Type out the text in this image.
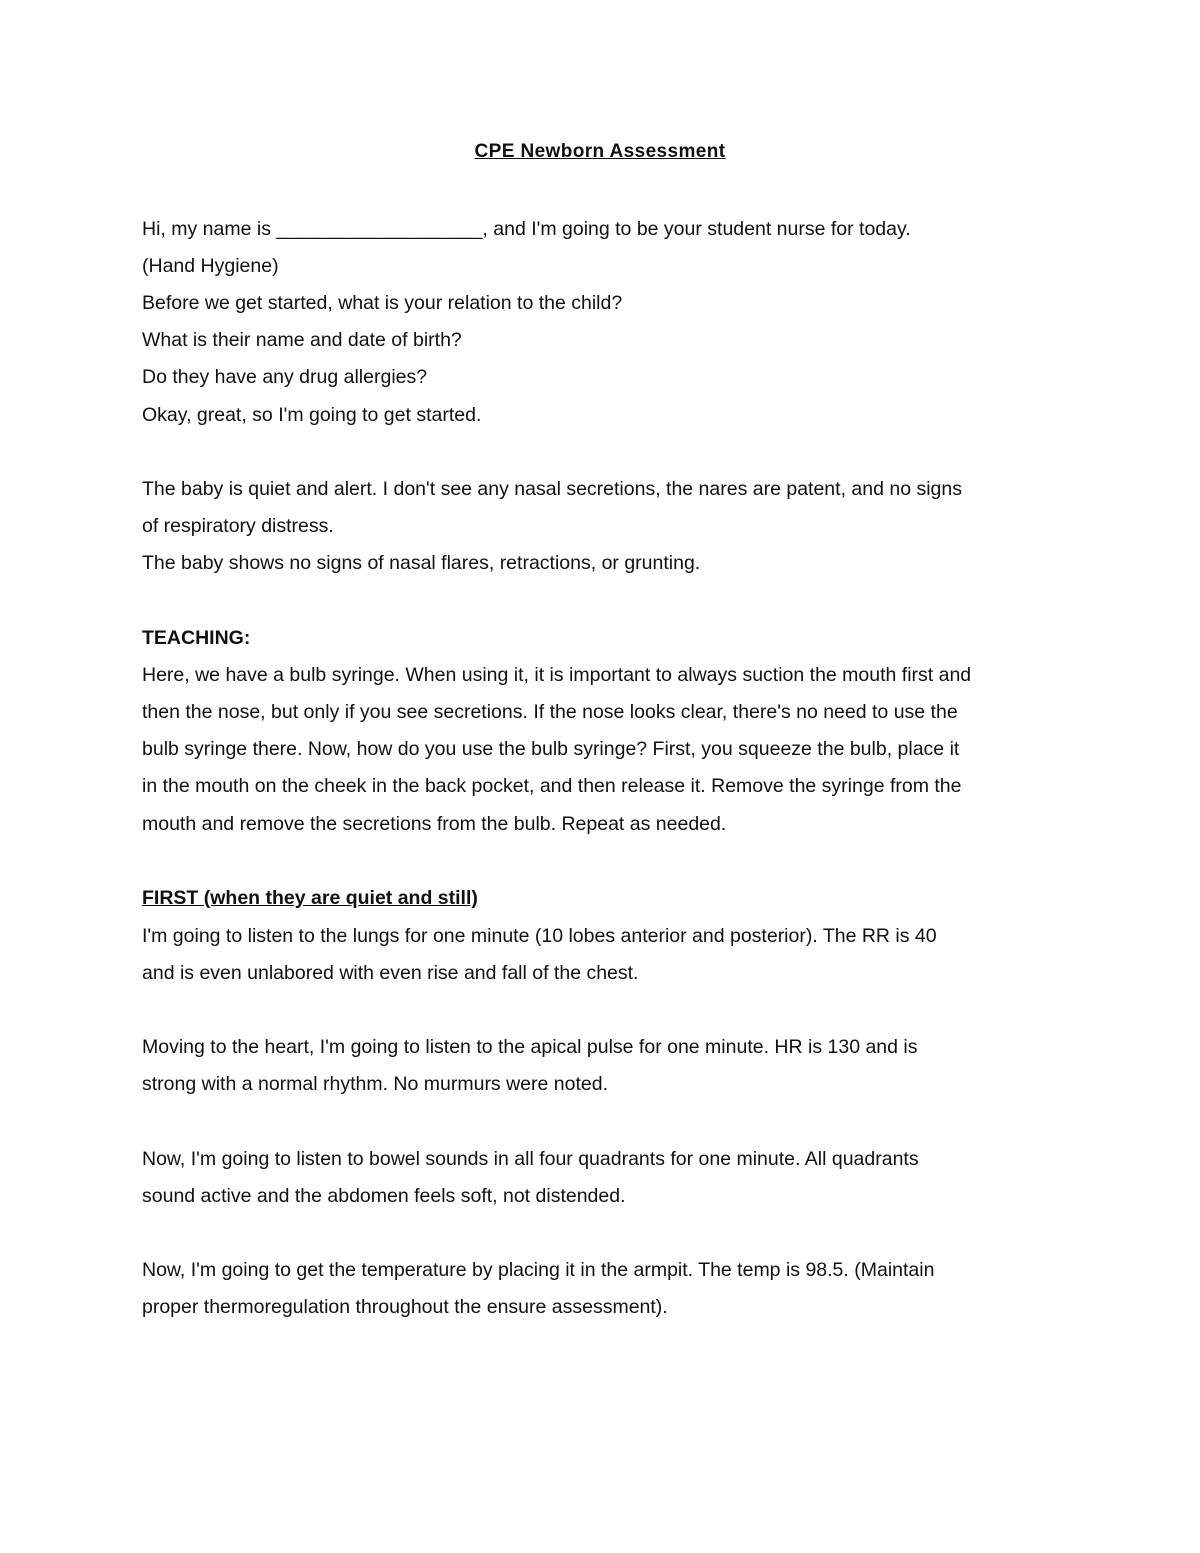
CPE Newborn Assessment

Hi, my name is ___________________, and I'm going to be your student nurse for today.

(Hand Hygiene)

Before we get started, what is your relation to the child?

What is their name and date of birth?

Do they have any drug allergies?

Okay, great, so I'm going to get started.

The baby is quiet and alert. I don't see any nasal secretions, the nares are patent, and no signs

of respiratory distress.

The baby shows no signs of nasal flares, retractions, or grunting.

TEACHING:

Here, we have a bulb syringe. When using it, it is important to always suction the mouth first and

then the nose, but only if you see secretions. If the nose looks clear, there's no need to use the

bulb syringe there. Now, how do you use the bulb syringe? First, you squeeze the bulb, place it

in the mouth on the cheek in the back pocket, and then release it. Remove the syringe from the

mouth and remove the secretions from the bulb. Repeat as needed.

FIRST (when they are quiet and still)

I'm going to listen to the lungs for one minute (10 lobes anterior and posterior). The RR is 40

and is even unlabored with even rise and fall of the chest.

Moving to the heart, I'm going to listen to the apical pulse for one minute. HR is 130 and is

strong with a normal rhythm. No murmurs were noted.

Now, I'm going to listen to bowel sounds in all four quadrants for one minute. All quadrants

sound active and the abdomen feels soft, not distended.

Now, I'm going to get the temperature by placing it in the armpit. The temp is 98.5. (Maintain

proper thermoregulation throughout the ensure assessment).
